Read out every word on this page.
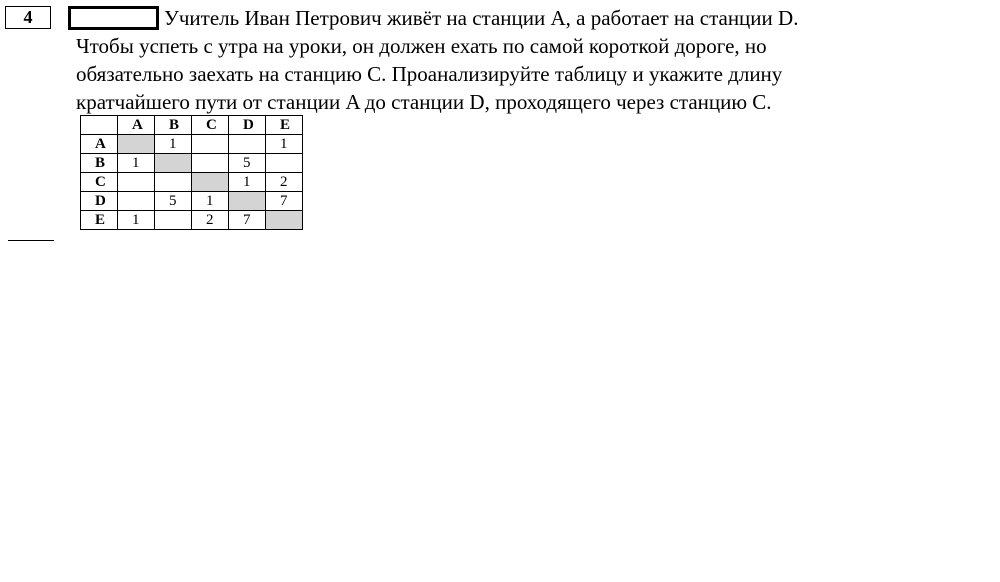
4	Учитель Иван Петрович живёт на станции A, а работает на станции D.
Чтобы успеть с утра на уроки, он должен ехать по самой короткой дороге, но
обязательно заехать на станцию C. Проанализируйте таблицу и укажите длину
кратчайшего пути от станции A до станции D, проходящего через станцию C.
	A	B	C	D	E
A		1			1
B	1			5	
C				1	2
D		5	1		7
E	1		2	7	
